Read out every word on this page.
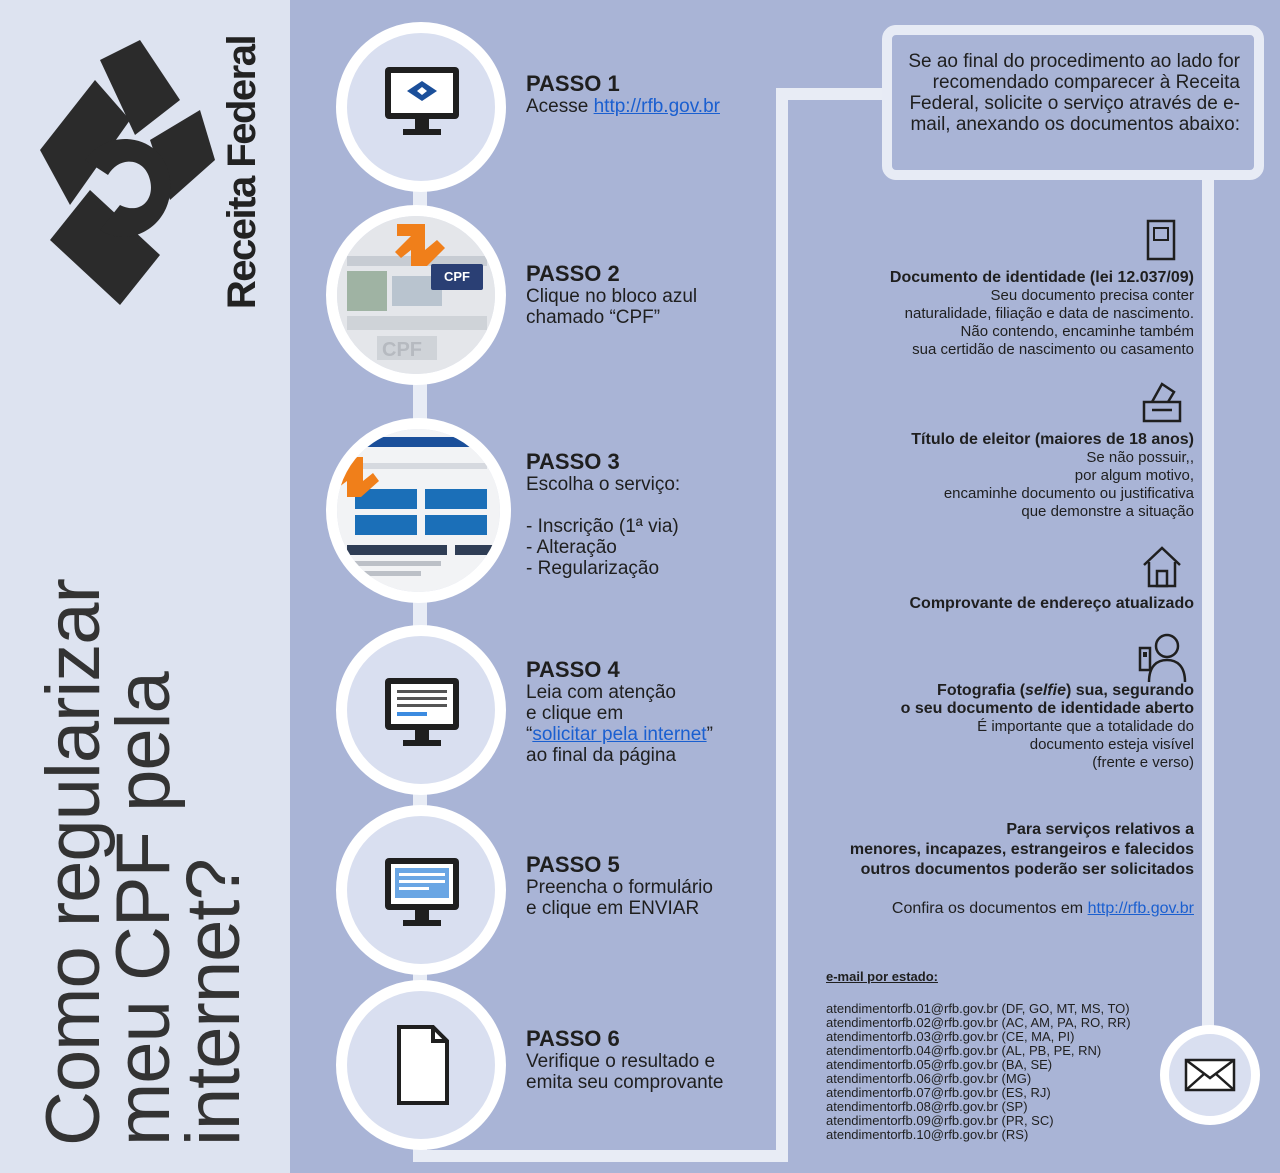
Receita Federal
Como regularizar
meu CPF pela
internet?
PASSO 1
Acesse http://rfb.gov.br
CPF
CPF	PASSO 2
Clique no bloco azul
chamado “CPF”
PASSO 3
Escolha o serviço:
- Inscrição (1ª via)
- Alteração
- Regularização
PASSO 4
Leia com atenção
e clique em
“solicitar pela internet”
ao final da página
PASSO 5
Preencha o formulário
e clique em ENVIAR
PASSO 6
Verifique o resultado e
emita seu comprovante

Se ao final do procedimento ao lado for recomendado comparecer à Receita Federal, solicite o serviço através de e-mail, anexando os documentos abaixo:

Documento de identidade (lei 12.037/09)
Seu documento precisa conter
naturalidade, filiação e data de nascimento.
Não contendo, encaminhe também
sua certidão de nascimento ou casamento
Título de eleitor (maiores de 18 anos)
Se não possuir,,
por algum motivo,
encaminhe documento ou justificativa
que demonstre a situação
Comprovante de endereço atualizado
Fotografia (selfie) sua, segurando
o seu documento de identidade aberto
É importante que a totalidade do
documento esteja visível
(frente e verso)
Para serviços relativos a
menores, incapazes, estrangeiros e falecidos
outros documentos poderão ser solicitados
Confira os documentos em http://rfb.gov.br
e-mail por estado:
atendimentorfb.01@rfb.gov.br (DF, GO, MT, MS, TO)
atendimentorfb.02@rfb.gov.br (AC, AM, PA, RO, RR)
atendimentorfb.03@rfb.gov.br (CE, MA, PI)
atendimentorfb.04@rfb.gov.br (AL, PB, PE, RN)
atendimentorfb.05@rfb.gov.br (BA, SE)
atendimentorfb.06@rfb.gov.br (MG)
atendimentorfb.07@rfb.gov.br (ES, RJ)
atendimentorfb.08@rfb.gov.br (SP)
atendimentorfb.09@rfb.gov.br (PR, SC)
atendimentorfb.10@rfb.gov.br (RS)
